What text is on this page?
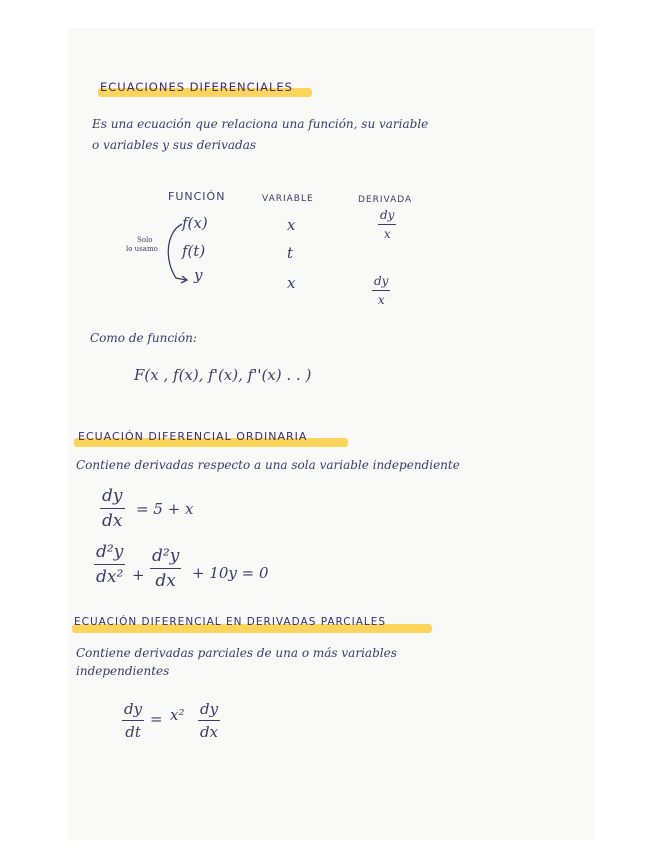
ECUACIONES DIFERENCIALES
Es una ecuación que relaciona una función, su variable
o variables y sus derivadas
FUNCIÓN	VARIABLE	DERIVADA
Solo
lo usamo
f(x)
f(t)
y
x
t
x
dy
x
dy
x
Como de función:
F(x , f(x), f'(x), f''(x) . . )
ECUACIÓN DIFERENCIAL ORDINARIA
Contiene derivadas respecto a una sola variable independiente
dy
dx
= 5 + x
d²y
dx² +
d²y
dx + 10y = 0
ECUACIÓN DIFERENCIAL EN DERIVADAS PARCIALES
Contiene derivadas parciales de una o más variables
independientes
dy
dt
= x² dy
dx
